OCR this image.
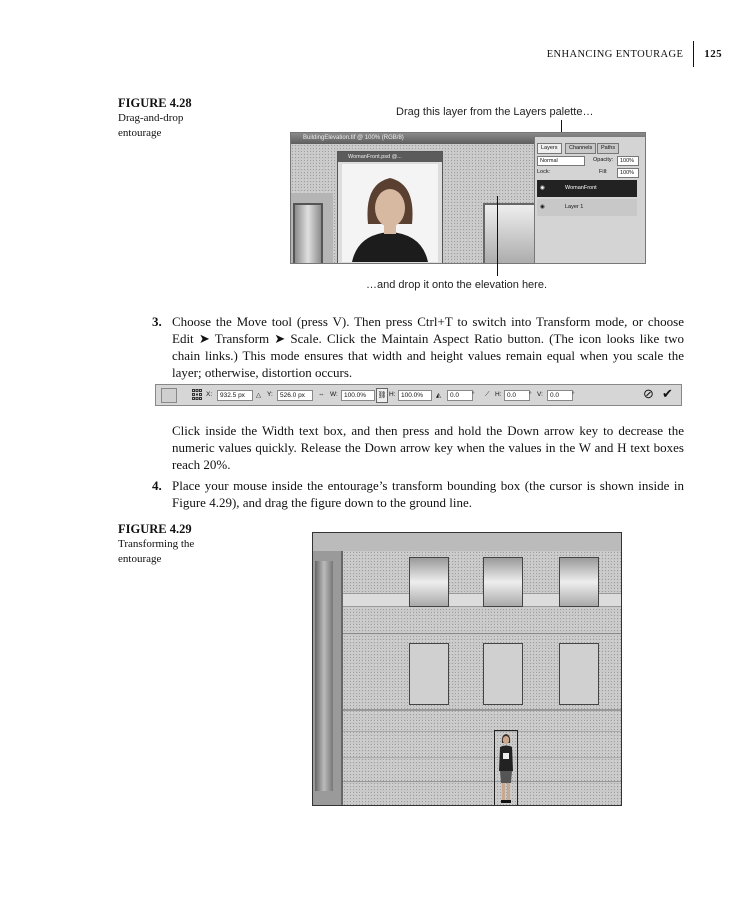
ENHANCING ENTOURAGE 125
FIGURE 4.28
Drag-and-drop
entourage
Drag this layer from the Layers palette…
BuildingElevation.tif @ 100% (RGB/8)
WomanFront.psd @...
Layers	Channels	Paths
Normal	Opacity:	100%
Lock:	Fill:	100%
◉	WomanFront
◉	Layer 1
…and drop it onto the elevation here.
3. Choose the Move tool (press V). Then press Ctrl+T to switch into Transform mode, or choose Edit ➤ Transform ➤ Scale. Click the Maintain Aspect Ratio button. (The icon looks like two chain links.) This mode ensures that width and height values remain equal when you scale the layer; otherwise, distortion occurs.
X:	932.5 px	△ Y:	526.0 px	⇔ W: 100.0%	⛓ H: 100.0%	◭	0.0	° ⟋ H: 0.0	° V:	0.0	°	⊘ ✔
Click inside the Width text box, and then press and hold the Down arrow key to decrease the numeric values quickly. Release the Down arrow key when the values in the W and H text boxes reach 20%.
4. Place your mouse inside the entourage’s transform bounding box (the cursor is shown inside in Figure 4.29), and drag the figure down to the ground line.
FIGURE 4.29
Transforming the
entourage
